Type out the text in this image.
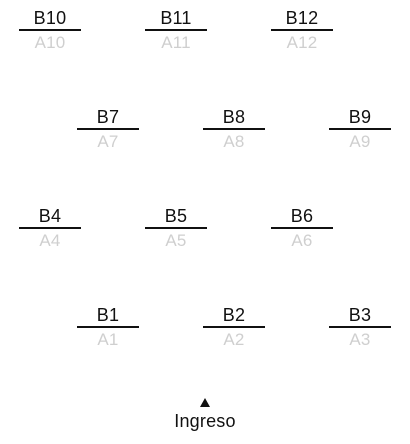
B10
A10
B11
A11
B12
A12
B7
A7
B8
A8
B9
A9
B4
A4
B5
A5
B6
A6
B1
A1
B2
A2
B3
A3
Ingreso
